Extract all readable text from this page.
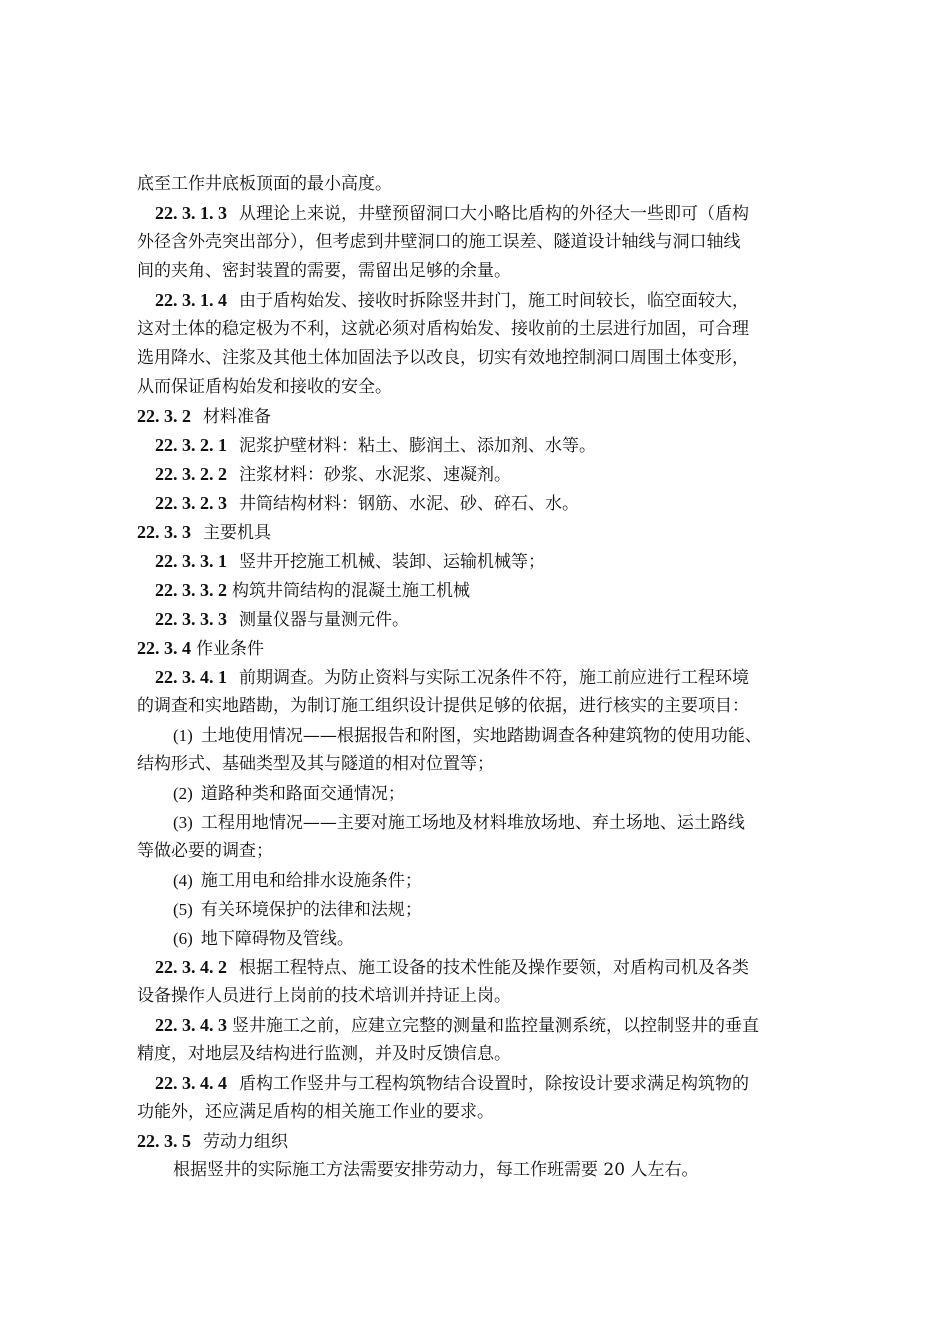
底至工作井底板顶面的最小高度。
22. 3. 1. 3 从理论上来说，井壁预留洞口大小略比盾构的外径大一些即可（盾构
外径含外壳突出部分），但考虑到井壁洞口的施工误差、隧道设计轴线与洞口轴线
间的夹角、密封装置的需要，需留出足够的余量。
22. 3. 1. 4 由于盾构始发、接收时拆除竖井封门，施工时间较长，临空面较大，
这对土体的稳定极为不利，这就必须对盾构始发、接收前的土层进行加固，可合理
选用降水、注浆及其他土体加固法予以改良，切实有效地控制洞口周围土体变形，
从而保证盾构始发和接收的安全。
22. 3. 2 材料准备
22. 3. 2. 1 泥浆护壁材料：粘土、膨润土、添加剂、水等。
22. 3. 2. 2 注浆材料：砂浆、水泥浆、速凝剂。
22. 3. 2. 3 井筒结构材料：钢筋、水泥、砂、碎石、水。
22. 3. 3 主要机具
22. 3. 3. 1 竖井开挖施工机械、装卸、运输机械等；
22. 3. 3. 2 构筑井筒结构的混凝土施工机械
22. 3. 3. 3 测量仪器与量测元件。
22. 3. 4 作业条件
22. 3. 4. 1 前期调查。为防止资料与实际工况条件不符，施工前应进行工程环境
的调查和实地踏勘，为制订施工组织设计提供足够的依据，进行核实的主要项目：
(1) 土地使用情况——根据报告和附图，实地踏勘调查各种建筑物的使用功能、
结构形式、基础类型及其与隧道的相对位置等；
(2) 道路种类和路面交通情况；
(3) 工程用地情况——主要对施工场地及材料堆放场地、弃土场地、运土路线
等做必要的调查；
(4) 施工用电和给排水设施条件；
(5) 有关环境保护的法律和法规；
(6) 地下障碍物及管线。
22. 3. 4. 2 根据工程特点、施工设备的技术性能及操作要领，对盾构司机及各类
设备操作人员进行上岗前的技术培训并持证上岗。
22. 3. 4. 3 竖井施工之前，应建立完整的测量和监控量测系统，以控制竖井的垂直
精度，对地层及结构进行监测，并及时反馈信息。
22. 3. 4. 4 盾构工作竖井与工程构筑物结合设置时，除按设计要求满足构筑物的
功能外，还应满足盾构的相关施工作业的要求。
22. 3. 5 劳动力组织
根据竖井的实际施工方法需要安排劳动力，每工作班需要 20 人左右。
